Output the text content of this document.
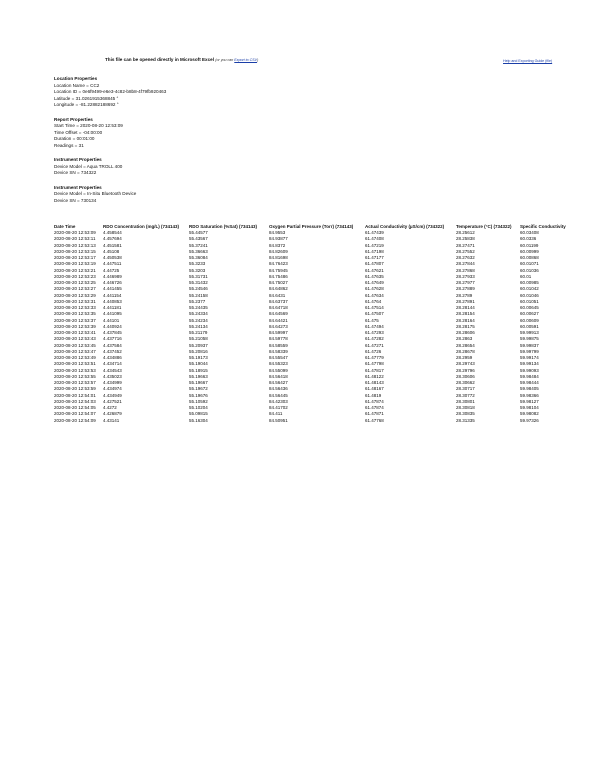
This file can be opened directly in Microsoft Excel (or you can Export to CSV)	Help and Exporting Guide (file)
Location Properties
Location Name = CC2
Location ID = 0e6f9499-e6e3-4c82-b8b8-4f79fb920463
Latitude = 31.0261915368845 °
Longitude = -81.22882188692 °
Report Properties
Start Time = 2020-08-20 12:53:09
Time Offset = -04:00:00
Duration = 00:01:00
Readings = 31
Instrument Properties
Device Model = Aqua TROLL 400
Device SN = 734322
Instrument Properties
Device Model = In-Situ Bluetooth Device
Device SN = 730134
Date Time	RDO Concentration (mg/L) (734143)	RDO Saturation (%Sat) (734143)	Oxygen Partial Pressure (Torr) (734143)	Actual Conductivity (µS/cm) (734322)	Temperature (°C) (734322)	Specific Conductivity
2020-08-20 12:53:09	4.458544	55.44577	84.9553	61.47439	28.25612	60.03408
2020-08-20 12:53:11	4.457694	55.43567	84.93877	61.47408	28.25838	60.0336
2020-08-20 12:53:13	4.451581	55.37241	84.8372	61.47219	28.27471	60.01199
2020-08-20 12:53:15	4.45108	55.36663	84.82609	61.47198	28.27552	60.00999
2020-08-20 12:53:17	4.450538	55.36084	84.81698	61.47177	28.27632	60.00868
2020-08-20 12:53:19	4.447511	55.3233	84.76423	61.47807	28.27844	60.01071
2020-08-20 12:53:21	4.44725	55.3203	84.75945	61.47621	28.27868	60.01036
2020-08-20 12:53:23	4.446989	55.31731	84.75486	61.47635	28.27933	60.01
2020-08-20 12:53:25	4.446726	55.31432	84.75027	61.47649	28.27977	60.00985
2020-08-20 12:53:27	4.441455	55.24546	84.64862	61.47628	28.27889	60.01042
2020-08-20 12:53:29	4.441154	55.24158	84.6431	61.47634	28.2789	60.01046
2020-08-20 12:53:31	4.440853	55.2377	84.63737	61.4764	28.27891	60.01051
2020-08-20 12:53:33	4.441181	55.24435	84.64718	61.47514	28.28144	60.00645
2020-08-20 12:53:35	4.441095	55.24334	84.64569	61.47507	28.28154	60.00627
2020-08-20 12:53:37	4.44101	55.24234	84.64421	61.475	28.28164	60.00609
2020-08-20 12:53:39	4.440924	55.24134	84.64273	61.47494	28.28175	60.00591
2020-08-20 12:53:41	4.437845	55.21179	84.59997	61.47293	28.28606	59.99913
2020-08-20 12:53:43	4.437716	55.21058	84.59778	61.47282	28.2863	59.99875
2020-08-20 12:53:45	4.437584	55.20937	84.58559	61.47271	28.28654	59.99837
2020-08-20 12:53:47	4.437452	55.20816	84.58339	61.4726	28.28678	59.99799
2020-08-20 12:53:49	4.434886	55.19173	84.55547	61.47779	28.2959	59.99174
2020-08-20 12:53:51	4.434714	55.19044	84.55323	61.47798	28.29743	59.99134
2020-08-20 12:53:53	4.434543	55.18915	84.55099	61.47817	28.29796	59.99093
2020-08-20 12:53:55	4.435023	55.19663	84.56418	61.48122	28.30606	59.98484
2020-08-20 12:53:57	4.434999	55.19667	84.56427	61.48143	28.30662	59.98444
2020-08-20 12:53:59	4.434974	55.19672	84.56436	61.48167	28.30717	59.98405
2020-08-20 12:54:01	4.434949	55.19676	84.56445	61.4819	28.30772	59.98366
2020-08-20 12:54:03	4.427521	55.10592	84.42303	61.47874	28.30801	59.98127
2020-08-20 12:54:05	4.4272	55.10204	84.41702	61.47874	28.30818	59.98104
2020-08-20 12:54:07	4.426879	55.09815	84.411	61.47871	28.30835	59.98082
2020-08-20 12:54:09	4.43141	55.16304	84.50951	61.47768	28.31335	59.97326
